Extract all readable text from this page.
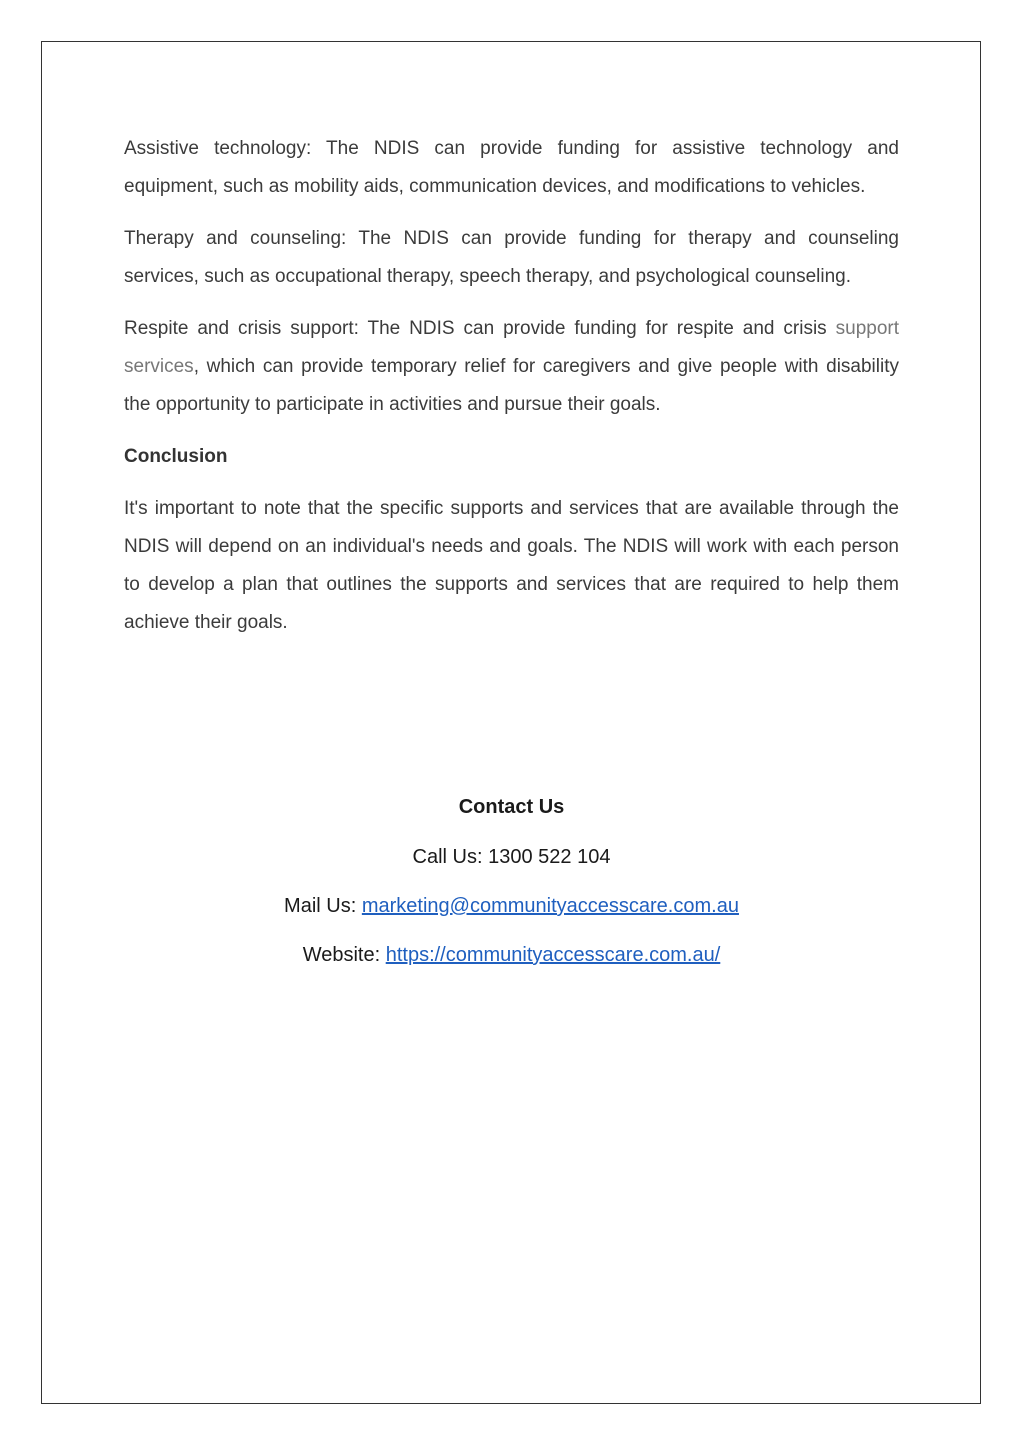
Assistive technology: The NDIS can provide funding for assistive technology and equipment, such as mobility aids, communication devices, and modifications to vehicles.

Therapy and counseling: The NDIS can provide funding for therapy and counseling services, such as occupational therapy, speech therapy, and psychological counseling.

Respite and crisis support: The NDIS can provide funding for respite and crisis support services, which can provide temporary relief for caregivers and give people with disability the opportunity to participate in activities and pursue their goals.

Conclusion

It's important to note that the specific supports and services that are available through the NDIS will depend on an individual's needs and goals. The NDIS will work with each person to develop a plan that outlines the supports and services that are required to help them achieve their goals.

Contact Us

Call Us: 1300 522 104

Mail Us: marketing@communityaccesscare.com.au

Website: https://communityaccesscare.com.au/
